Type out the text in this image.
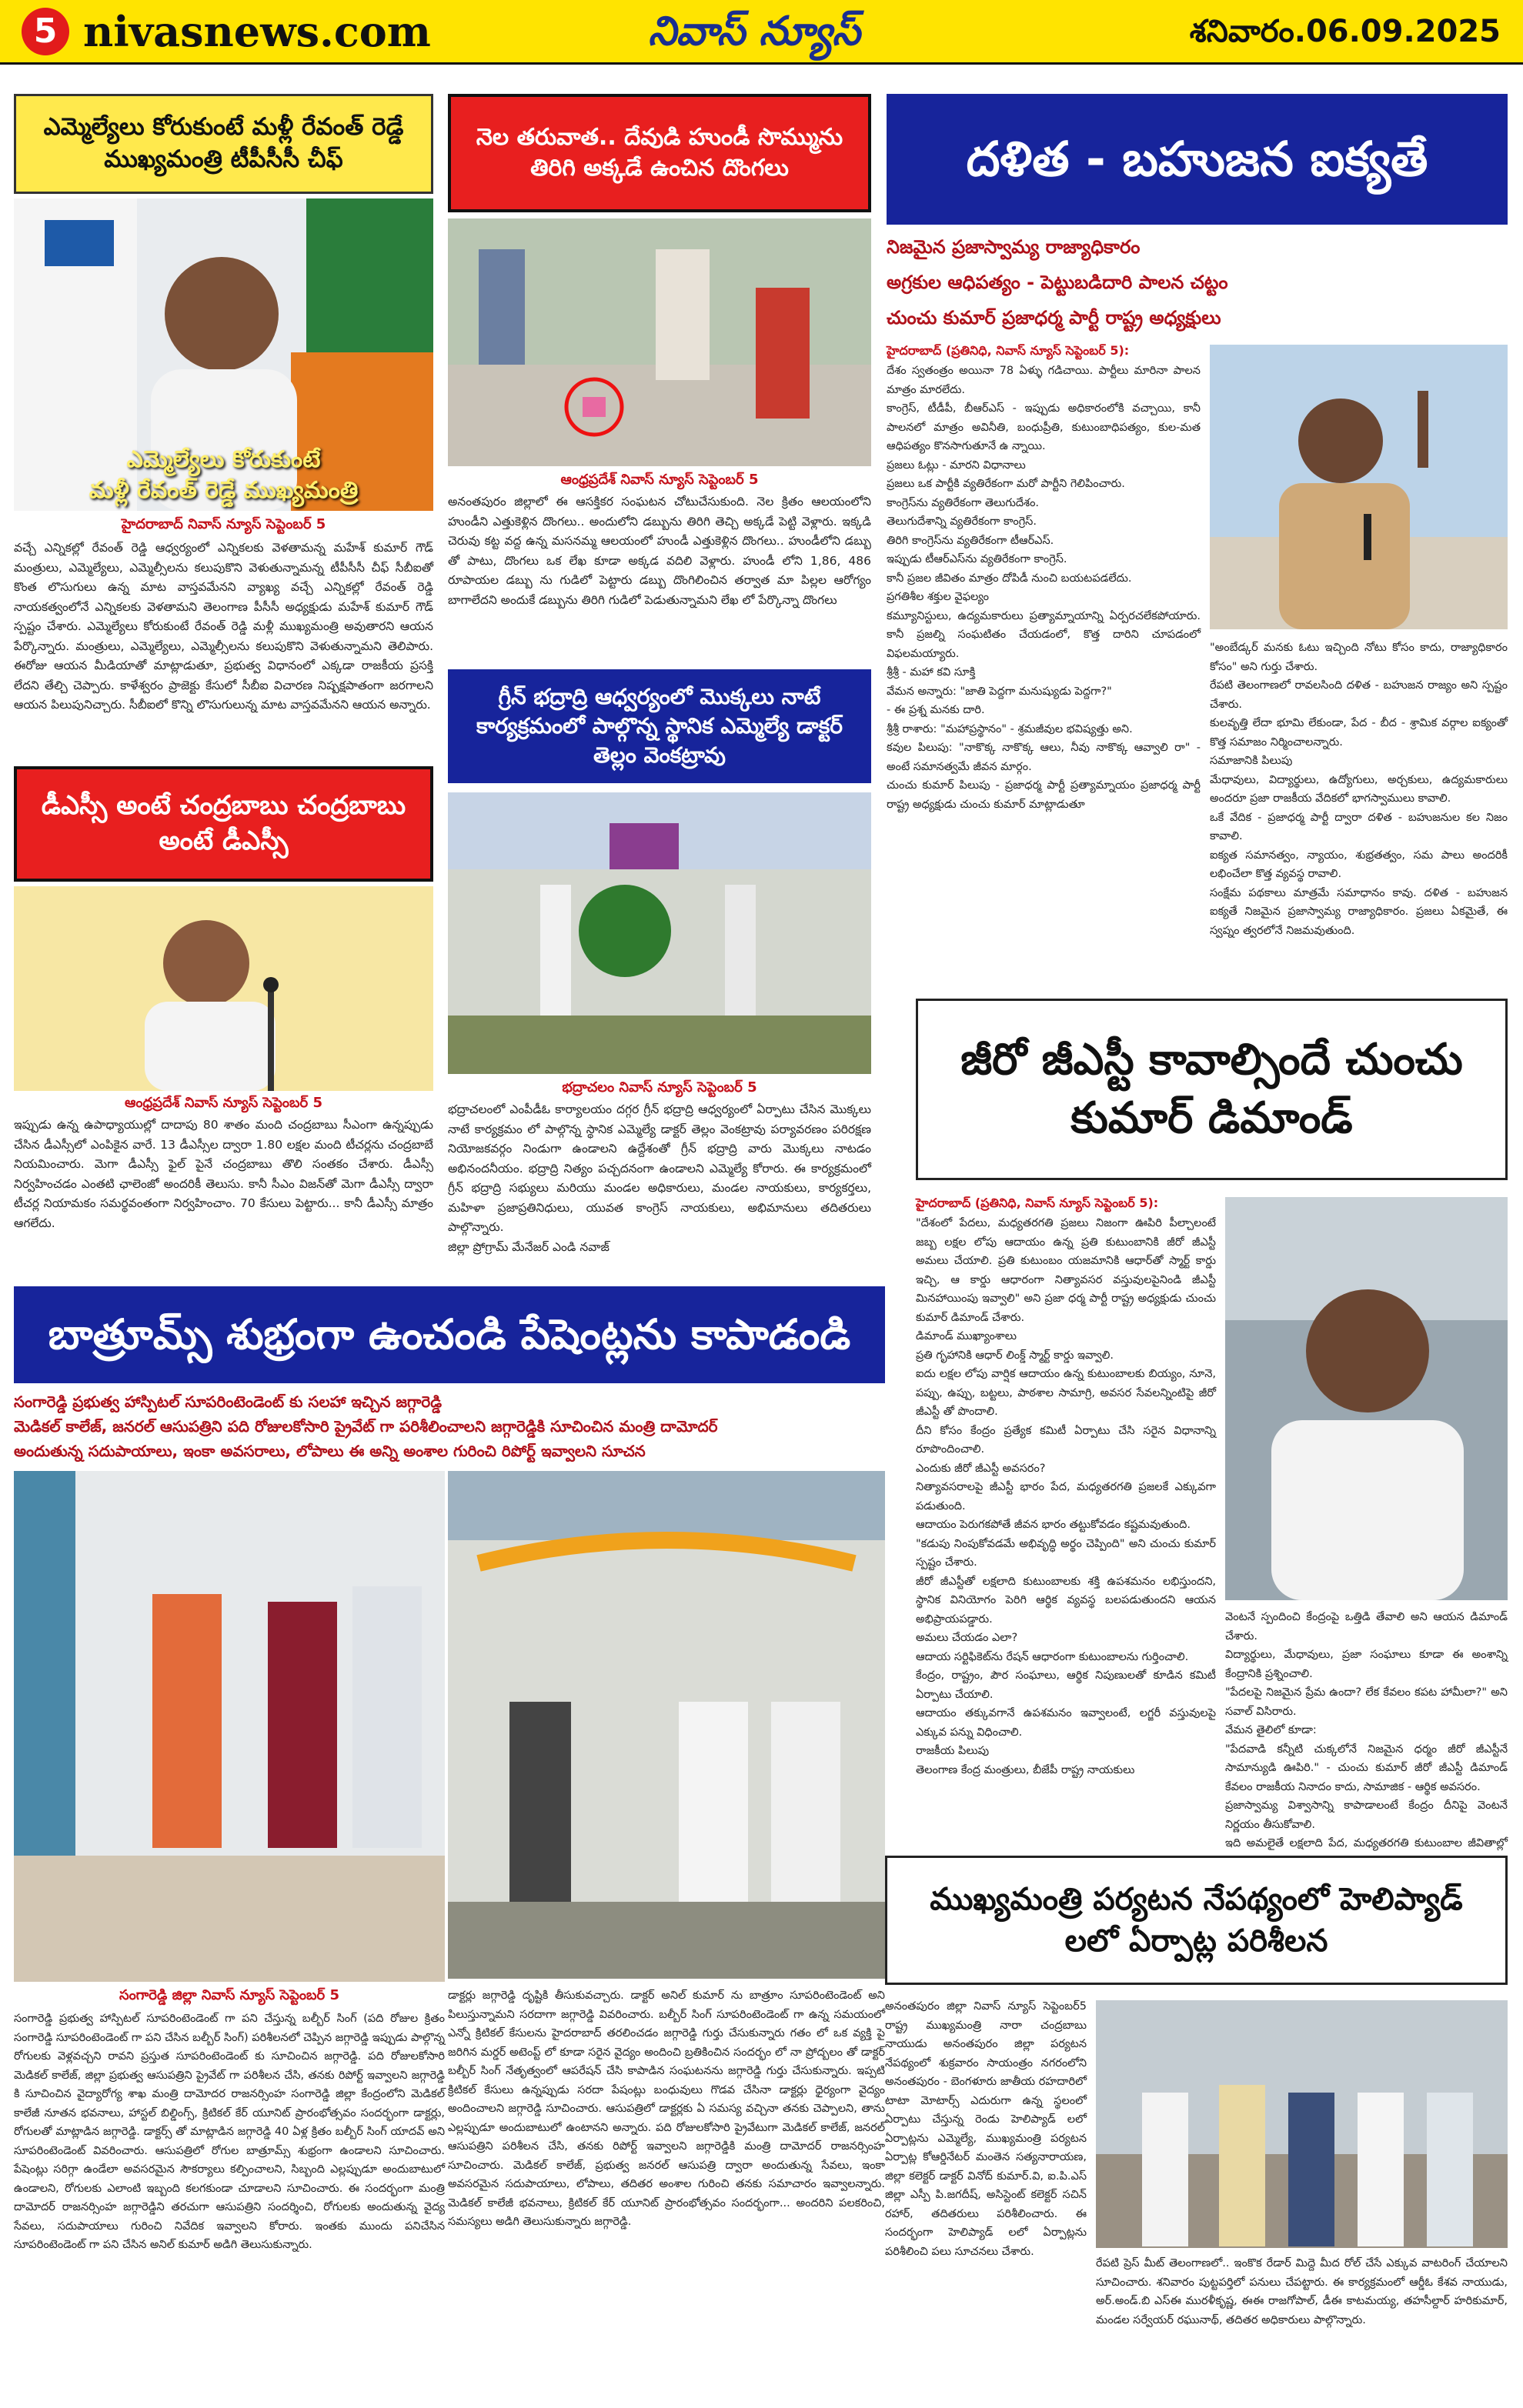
5 nivasnews.com	నివాస్ న్యూస్	శనివారం.06.09.2025
ఎమ్మెల్యేలు కోరుకుంటే మళ్లీ రేవంత్ రెడ్డే ముఖ్యమంత్రి టీపీసీసీ చీఫ్
ఎమ్మెల్యేలు కోరుకుంటే
మళ్లీ రేవంత్ రెడ్డే ముఖ్యమంత్రి
హైదరాబాద్ నివాస్ న్యూస్ సెప్టెంబర్ 5
వచ్చే ఎన్నికల్లో రేవంత్ రెడ్డి ఆధ్వర్యంలో ఎన్నికలకు వెళతామన్న మహేశ్ కుమార్ గౌడ్ మంత్రులు, ఎమ్మెల్యేలు, ఎమ్మెల్సీలను కలుపుకొని వెళుతున్నామన్న టీపీసీసీ చీఫ్ సీబీఐతో కొంత లొసుగులు ఉన్న మాట వాస్తవమేనని వ్యాఖ్య వచ్చే ఎన్నికల్లో రేవంత్ రెడ్డి నాయకత్వంలోనే ఎన్నికలకు వెళతామని తెలంగాణ పీసీసీ అధ్యక్షుడు మహేశ్ కుమార్ గౌడ్ స్పష్టం చేశారు. ఎమ్మెల్యేలు కోరుకుంటే రేవంత్ రెడ్డి మళ్లీ ముఖ్యమంత్రి అవుతారని ఆయన పేర్కొన్నారు. మంత్రులు, ఎమ్మెల్యేలు, ఎమ్మెల్సీలను కలుపుకొని వెళుతున్నామని తెలిపారు. ఈరోజు ఆయన మీడియాతో మాట్లాడుతూ, ప్రభుత్వ విధానంలో ఎక్కడా రాజకీయ ప్రసక్తి లేదని తేల్చి చెప్పారు. కాళేశ్వరం ప్రాజెక్టు కేసులో సీబీఐ విచారణ నిష్పక్షపాతంగా జరగాలని ఆయన పిలుపునిచ్చారు. సీబీఐలో కొన్ని లొసుగులున్న మాట వాస్తవమేనని ఆయన అన్నారు.
డీఎస్సీ అంటే చంద్రబాబు చంద్రబాబు అంటే డీఎస్సీ
ఆంధ్రప్రదేశ్ నివాస్ న్యూస్ సెప్టెంబర్ 5
ఇప్పుడు ఉన్న ఉపాధ్యాయుల్లో దాదాపు 80 శాతం మంది చంద్రబాబు సీఎంగా ఉన్నప్పుడు చేసిన డీఎస్సీలో ఎంపికైన వారే. 13 డీఎస్సీల ద్వారా 1.80 లక్షల మంది టీచర్లను చంద్రబాబే నియమించారు. మెగా డీఎస్సీ ఫైల్ పైనే చంద్రబాబు తొలి సంతకం చేశారు. డీఎస్సీ నిర్వహించడం ఎంతటి ఛాలెంజో అందరికీ తెలుసు. కానీ సీఎం విజన్‌తో మెగా డీఎస్సీ ద్వారా టీచర్ల నియామకం సమర్థవంతంగా నిర్వహించాం. 70 కేసులు పెట్టారు... కానీ డీఎస్సీ మాత్రం ఆగలేదు.
నెల తరువాత.. దేవుడి హుండీ సొమ్మును తిరిగి అక్కడే ఉంచిన దొంగలు
ఆంధ్రప్రదేశ్ నివాస్ న్యూస్ సెప్టెంబర్ 5
అనంతపురం జిల్లాలో ఈ ఆసక్తికర సంఘటన చోటుచేసుకుంది. నెల క్రితం ఆలయంలోని హుండీని ఎత్తుకెళ్లిన దొంగలు.. అందులోని డబ్బును తిరిగి తెచ్చి అక్కడే పెట్టి వెళ్లారు. ఇక్కడి చెరువు కట్ట వద్ద ఉన్న మసనమ్మ ఆలయంలో హుండీ ఎత్తుకెళ్లిన దొంగలు.. హుండీలోని డబ్బు తో పాటు, దొంగలు ఒక లేఖ కూడా అక్కడ వదిలి వెళ్లారు. హుండీ లోని 1,86, 486 రూపాయల డబ్బు ను గుడిలో పెట్టారు డబ్బు దొంగిలించిన తర్వాత మా పిల్లల ఆరోగ్యం బాగాలేదని అందుకే డబ్బును తిరిగి గుడిలో పెడుతున్నామని లేఖ లో పేర్కొన్నా దొంగలు
గ్రీన్ భద్రాద్రి ఆధ్వర్యంలో మొక్కలు నాటే కార్యక్రమంలో పాల్గొన్న స్థానిక ఎమ్మెల్యే డాక్టర్ తెల్లం వెంకట్రావు
భద్రాచలం నివాస్ న్యూస్ సెప్టెంబర్ 5
భద్రాచలంలో ఎంపీడీఓ కార్యాలయం దగ్గర గ్రీన్ భద్రాద్రి ఆధ్వర్యంలో ఏర్పాటు చేసిన మొక్కలు నాటే కార్యక్రమం లో పాల్గొన్న స్థానిక ఎమ్మెల్యే డాక్టర్ తెల్లం వెంకట్రావు పర్యావరణం పరిరక్షణ నియోజకవర్గం నిండుగా ఉండాలని ఉద్దేశంతో గ్రీన్ భద్రాద్రి వారు మొక్కలు నాటడం అభినందనీయం. భద్రాద్రి నిత్యం పచ్చదనంగా ఉండాలని ఎమ్మెల్యే కోరారు. ఈ కార్యక్రమంలో గ్రీన్ భద్రాద్రి సభ్యులు మరియు మండల అధికారులు, మండల నాయకులు, కార్యకర్తలు, మహిళా ప్రజాప్రతినిధులు, యువత కాంగ్రెస్ నాయకులు, అభిమానులు తదితరులు పాల్గొన్నారు.
జిల్లా ప్రోగ్రామ్ మేనేజర్ ఎండి నవాజ్
దళిత - బహుజన ఐక్యతే
నిజమైన ప్రజాస్వామ్య రాజ్యాధికారం
అగ్రకుల ఆధిపత్యం - పెట్టుబడిదారి పాలన చట్టం
చుంచు కుమార్ ప్రజాధర్మ పార్టీ రాష్ట్ర అధ్యక్షులు
హైదరాబాద్ (ప్రతినిధి, నివాస్ న్యూస్ సెప్టెంబర్ 5):
దేశం స్వతంత్రం అయినా 78 ఏళ్ళు గడిచాయి. పార్టీలు మారినా పాలన మాత్రం మారలేదు.
కాంగ్రెస్, టీడీపీ, బీఆర్ఎస్ - ఇప్పుడు అధికారంలోకి వచ్చాయి, కానీ పాలనలో మాత్రం అవినీతి, బంధుప్రీతి, కుటుంబాధిపత్యం, కుల-మత ఆధిపత్యం కొనసాగుతూనే ఉ న్నాయి.
ప్రజలు ఓట్లు - మారని విధానాలు
ప్రజలు ఒక పార్టీకి వ్యతిరేకంగా మరో పార్టీని గెలిపించారు.
కాంగ్రెస్‌ను వ్యతిరేకంగా తెలుగుదేశం.
తెలుగుదేశాన్ని వ్యతిరేకంగా కాంగ్రెస్.
తిరిగి కాంగ్రెస్‌ను వ్యతిరేకంగా టీఆర్ఎస్.
ఇప్పుడు టీఆర్ఎస్‌ను వ్యతిరేకంగా కాంగ్రెస్.
కానీ ప్రజల జీవితం మాత్రం దోపిడీ నుంచి బయటపడలేదు.
ప్రగతిశీల శక్తుల వైఫల్యం
కమ్యూనిస్టులు, ఉద్యమకారులు ప్రత్యామ్నాయాన్ని ఏర్పరచలేకపోయారు. కానీ ప్రజల్ని సంఘటితం చేయడంలో, కొత్త దారిని చూపడంలో విఫలమయ్యారు.
శ్రీశ్రీ - మహా కవి సూక్తి
వేమన అన్నారు: "జాతి పెద్దగా మనుష్యుడు పెద్దగా?"
- ఈ ప్రశ్న మనకు దారి.
శ్రీశ్రీ రాశారు: "మహాప్రస్థానం" - శ్రమజీవుల భవిష్యత్తు అని.
కవుల పిలుపు: "నాకొక్క నాకొక్క ఆలు, నీవు నాకొక్క ఆవ్వాలి రా" - అంటే సమానత్వమే జీవన మార్గం.
చుంచు కుమార్ పిలుపు - ప్రజాధర్మ పార్టీ ప్రత్యామ్నాయం ప్రజాధర్మ పార్టీ రాష్ట్ర అధ్యక్షుడు చుంచు కుమార్ మాట్లాడుతూ
"అంబేడ్కర్ మనకు ఓటు ఇచ్చింది నోటు కోసం కాదు, రాజ్యాధికారం కోసం" అని గుర్తు చేశారు.
రేపటి తెలంగాణలో రావలసింది దళిత - బహుజన రాజ్యం అని స్పష్టం చేశారు.
కులవృత్తి లేదా భూమి లేకుండా, పేద - బీద - శ్రామిక వర్గాల ఐక్యంతో కొత్త సమాజం నిర్మించాలన్నారు.
సమాజానికి పిలుపు
మేధావులు, విద్యార్థులు, ఉద్యోగులు, అర్చకులు, ఉద్యమకారులు అందరూ ప్రజా రాజకీయ వేదికలో భాగస్వాములు కావాలి.
ఒకే వేదిక - ప్రజాధర్మ పార్టీ ద్వారా దళిత - బహుజనుల కల నిజం కావాలి.
ఐక్యత సమానత్వం, న్యాయం, శుభ్రతత్వం, సమ పాలు అందరికీ లభించేలా కొత్త వ్యవస్థ రావాలి.
సంక్షేమ పథకాలు మాత్రమే సమాధానం కావు. దళిత - బహుజన ఐక్యతే నిజమైన ప్రజాస్వామ్య రాజ్యాధికారం. ప్రజలు ఏకమైతే, ఈ స్వప్నం త్వరలోనే నిజమవుతుంది.
జీరో జీఎస్టీ కావాల్సిందే చుంచు కుమార్ డిమాండ్
హైదరాబాద్ (ప్రతినిధి, నివాస్ న్యూస్ సెప్టెంబర్ 5):
"దేశంలో పేదలు, మధ్యతరగతి ప్రజలు నిజంగా ఊపిరి పీల్చాలంటే జబ్బ లక్షల లోపు ఆదాయం ఉన్న ప్రతి కుటుంబానికి జీరో జీఎస్టీ అమలు చేయాలి. ప్రతి కుటుంబం యజమానికి ఆధార్‌తో స్మార్ట్ కార్డు ఇచ్చి, ఆ కార్డు ఆధారంగా నిత్యావసర వస్తువులపైనిండి జీఎస్టీ మినహాయింపు ఇవ్వాలి" అని ప్రజా ధర్మ పార్టీ రాష్ట్ర అధ్యక్షుడు చుంచు కుమార్ డిమాండ్ చేశారు.
డిమాండ్ ముఖ్యాంశాలు
ప్రతి గృహానికి ఆధార్ లింక్డ్ స్మార్ట్ కార్డు ఇవ్వాలి.
ఐదు లక్షల లోపు వార్షిక ఆదాయం ఉన్న కుటుంబాలకు బియ్యం, నూనె, పప్పు, ఉప్పు, బట్టలు, పాఠశాల సామాగ్రి, అవసర సేవలన్నింటిపై జీరో జీఎస్టీ తో పొందాలి.
దీని కోసం కేంద్రం ప్రత్యేక కమిటీ ఏర్పాటు చేసి సరైన విధానాన్ని రూపొందించాలి.
ఎందుకు జీరో జీఎస్టీ అవసరం?
నిత్యావసరాలపై జీఎస్టీ భారం పేద, మధ్యతరగతి ప్రజలకే ఎక్కువగా పడుతుంది.
ఆదాయం పెరుగకపోతే జీవన భారం తట్టుకోవడం కష్టమవుతుంది.
"కడుపు నింపుకోవడమే అభివృద్ధి అర్థం చెప్పింది" అని చుంచు కుమార్ స్పష్టం చేశారు.
జీరో జీఎస్టీతో లక్షలాది కుటుంబాలకు శక్తి ఉపశమనం లభిస్తుందని, స్థానిక వినియోగం పెరిగి ఆర్థిక వ్యవస్థ బలపడుతుందని ఆయన అభిప్రాయపడ్డారు.
అమలు చేయడం ఎలా?
ఆదాయ సర్టిఫికెట్‌ను రేషన్ ఆధారంగా కుటుంబాలను గుర్తించాలి.
కేంద్రం, రాష్ట్రం, పౌర సంఘాలు, ఆర్థిక నిపుణులతో కూడిన కమిటీ ఏర్పాటు చేయాలి.
ఆదాయం తక్కువగానే ఉపశమనం ఇవ్వాలంటే, లగ్జరీ వస్తువులపై ఎక్కువ పన్ను విధించాలి.
రాజకీయ పిలుపు
తెలంగాణ కేంద్ర మంత్రులు, బీజేపీ రాష్ట్ర నాయకులు
వెంటనే స్పందించి కేంద్రంపై ఒత్తిడి తేవాలి అని ఆయన డిమాండ్ చేశారు.
విద్యార్థులు, మేధావులు, ప్రజా సంఘాలు కూడా ఈ అంశాన్ని కేంద్రానికి ప్రశ్నించాలి.
"పేదలపై నిజమైన ప్రేమ ఉందా? లేక కేవలం కపట హామీలా?" అని సవాల్ విసిరారు.
వేమన తైలిలో కూడా:
"పేదవాడి కన్నీటి చుక్కలోనే నిజమైన ధర్మం జీరో జీఎస్టీనే సామాన్యుడి ఊపిరి." - చుంచు కుమార్ జీరో జీఎస్టీ డిమాండ్ కేవలం రాజకీయ నినాదం కాదు, సామాజిక - ఆర్థిక అవసరం.
ప్రజాస్వామ్య విశ్వాసాన్ని కాపాడాలంటే కేంద్రం దీనిపై వెంటనే నిర్ణయం తీసుకోవాలి.
ఇది అమలైతే లక్షలాది పేద, మధ్యతరగతి కుటుంబాల జీవితాల్లో
బాత్రూమ్స్ శుభ్రంగా ఉంచండి పేషెంట్లను కాపాడండి
సంగారెడ్డి ప్రభుత్వ హాస్పిటల్ సూపరింటెండెంట్ కు సలహా ఇచ్చిన జగ్గారెడ్డి
మెడికల్ కాలేజ్, జనరల్ ఆసుపత్రిని పది రోజులకోసారి ప్రైవేట్ గా పరిశీలించాలని జగ్గారెడ్డికి సూచించిన మంత్రి దామోదర్
అందుతున్న సదుపాయాలు, ఇంకా అవసరాలు, లోపాలు ఈ అన్ని అంశాల గురించి రిపోర్ట్ ఇవ్వాలని సూచన
సంగారెడ్డి జిల్లా నివాస్ న్యూస్ సెప్టెంబర్ 5
సంగారెడ్డి ప్రభుత్వ హాస్పిటల్ సూపరింటెండెంట్ గా పని చేస్తున్న బల్బీర్ సింగ్ (పది రోజుల క్రితం సంగారెడ్డి సూపరింటెండెంట్ గా పని చేసిన బల్బీర్ సింగ్) పరిశీలనలో చెప్పిన జగ్గారెడ్డి ఇప్పుడు పాల్గొన్న రోగులకు వెళ్లవచ్చని రావని ప్రస్తుత సూపరింటెండెంట్ కు సూచించిన జగ్గారెడ్డి. పది రోజులకోసారి మెడికల్ కాలేజ్, జిల్లా ప్రభుత్వ ఆసుపత్రిని ప్రైవేట్ గా పరిశీలన చేసి, తనకు రిపోర్ట్ ఇవ్వాలని జగ్గారెడ్డి కి సూచించిన వైద్యారోగ్య శాఖ మంత్రి దామోదర రాజనర్సింహ సంగారెడ్డి జిల్లా కేంద్రంలోని మెడికల్ కాలేజీ నూతన భవనాలు, హాస్టల్ బిల్డింగ్స్, క్రిటికల్ కేర్ యూనిట్ ప్రారంభోత్సవం సందర్భంగా డాక్టర్లు, రోగులతో మాట్లాడిన జగ్గారెడ్డి. డాక్టర్స్ తో మాట్లాడిన జగ్గారెడ్డి 40 ఏళ్ల క్రితం బల్బీర్ సింగ్ యాదవ్ అని సూపరింటెండెంట్ వివరించారు. ఆసుపత్రిలో రోగుల బాత్రూమ్స్ శుభ్రంగా ఉండాలని సూచించారు. పేషెంట్లు సరిగ్గా ఉండేలా అవసరమైన సౌకర్యాలు కల్పించాలని, సిబ్బంది ఎల్లప్పుడూ అందుబాటులో ఉండాలని, రోగులకు ఎలాంటి ఇబ్బంది కలగకుండా చూడాలని సూచించారు. ఈ సందర్భంగా మంత్రి దామోదర్ రాజనర్సింహ జగ్గారెడ్డిని తరచుగా ఆసుపత్రిని సందర్శించి, రోగులకు అందుతున్న వైద్య సేవలు, సదుపాయాలు గురించి నివేదిక ఇవ్వాలని కోరారు. ఇంతకు ముందు పనిచేసిన సూపరింటెండెంట్ గా పని చేసిన అనిల్ కుమార్ అడిగి తెలుసుకున్నారు.
డాక్టర్లు జగ్గారెడ్డి దృష్టికి తీసుకువచ్చారు. డాక్టర్ అనిల్ కుమార్ ను బాత్రూం సూపరింటెండెంట్ అని పిలుస్తున్నామని సరదాగా జగ్గారెడ్డి వివరించారు. బల్బీర్ సింగ్ సూపరింటెండెంట్ గా ఉన్న సమయంలో ఎన్నో క్రిటికల్ కేసులను హైదరాబాద్ తరలించడం జగ్గారెడ్డి గుర్తు చేసుకున్నారు గతం లో ఒక వ్యక్తి పై జరిగిన మర్డర్ అటెంప్ట్ లో కూడా సరైన వైద్యం అందించి బ్రతికించిన సందర్భం లో నా ప్రోద్బలం తో డాక్టర్ బల్బీర్ సింగ్ నేతృత్వంలో ఆపరేషన్ చేసి కాపాడిన సంఘటనను జగ్గారెడ్డి గుర్తు చేసుకున్నారు. ఇప్పటి క్రిటికల్ కేసులు ఉన్నప్పుడు సరదా పేషంట్లు బంధువులు గొడవ చేసినా డాక్టర్లు ధైర్యంగా వైద్యం అందించాలని జగ్గారెడ్డి సూచించారు. ఆసుపత్రిలో డాక్టర్లకు ఏ సమస్య వచ్చినా తనకు చెప్పాలని, తాను ఎల్లప్పుడూ అందుబాటులో ఉంటానని అన్నారు. పది రోజులకోసారి ప్రైవేటుగా మెడికల్ కాలేజ్, జనరల్ ఆసుపత్రిని పరిశీలన చేసి, తనకు రిపోర్ట్ ఇవ్వాలని జగ్గారెడ్డికి మంత్రి దామోదర్ రాజనర్సింహ సూచించారు. మెడికల్ కాలేజ్, ప్రభుత్వ జనరల్ ఆసుపత్రి ద్వారా అందుతున్న సేవలు, ఇంకా అవసరమైన సదుపాయాలు, లోపాలు, తదితర అంశాల గురించి తనకు సమాచారం ఇవ్వాలన్నారు. మెడికల్ కాలేజీ భవనాలు, క్రిటికల్ కేర్ యూనిట్ ప్రారంభోత్సవం సందర్భంగా... అందరిని పలకరించి, సమస్యలు అడిగి తెలుసుకున్నారు జగ్గారెడ్డి.
ముఖ్యమంత్రి పర్యటన నేపథ్యంలో హెలిప్యాడ్ లలో ఏర్పాట్ల పరిశీలన
అనంతపురం జిల్లా నివాస్ న్యూస్ సెప్టెంబర్5 రాష్ట్ర ముఖ్యమంత్రి నారా చంద్రబాబు నాయుడు అనంతపురం జిల్లా పర్యటన నేపథ్యంలో శుక్రవారం సాయంత్రం నగరంలోని అనంతపురం - బెంగళూరు జాతీయ రహదారిలో టాటా మోటార్స్ ఎదురుగా ఉన్న స్థలంలో ఏర్పాటు చేస్తున్న రెండు హెలిప్యాడ్ లలో ఏర్పాట్లను ఎమ్మెల్యే, ముఖ్యమంత్రి పర్యటన ఏర్పాట్ల కోఆర్డినేటర్ మంతెన సత్యనారాయణ, జిల్లా కలెక్టర్ డాక్టర్ వినోద్ కుమార్.వి, ఐ.పి.ఎస్ జిల్లా ఎస్పీ పి.జగదీష్, అసిస్టెంట్ కలెక్టర్ సచిన్ రహార్, తదితరులు పరిశీలించారు. ఈ సందర్భంగా హెలిప్యాడ్ లలో ఏర్పాట్లను పరిశీలించి పలు సూచనలు చేశారు.
రేపటి ప్రెస్ మీట్ తెలంగాణలో.. ఇంకొక రేడార్ మిద్దె మీద రోల్ చేసే ఎక్కువ వాటరింగ్ చేయాలని సూచించారు. శనివారం పుట్టపర్తిలో పనులు చేపట్టారు. ఈ కార్యక్రమంలో ఆర్డీఓ కేశవ నాయుడు, అర్.అండ్.బి ఎస్ఈ మురళీకృష్ణ, ఈఈ రాజగోపాల్, డీఈ కాటమయ్య, తహసీల్దార్ హరికుమార్, మండల సర్వేయర్ రఘునాథ్, తదితర అధికారులు పాల్గొన్నారు.
